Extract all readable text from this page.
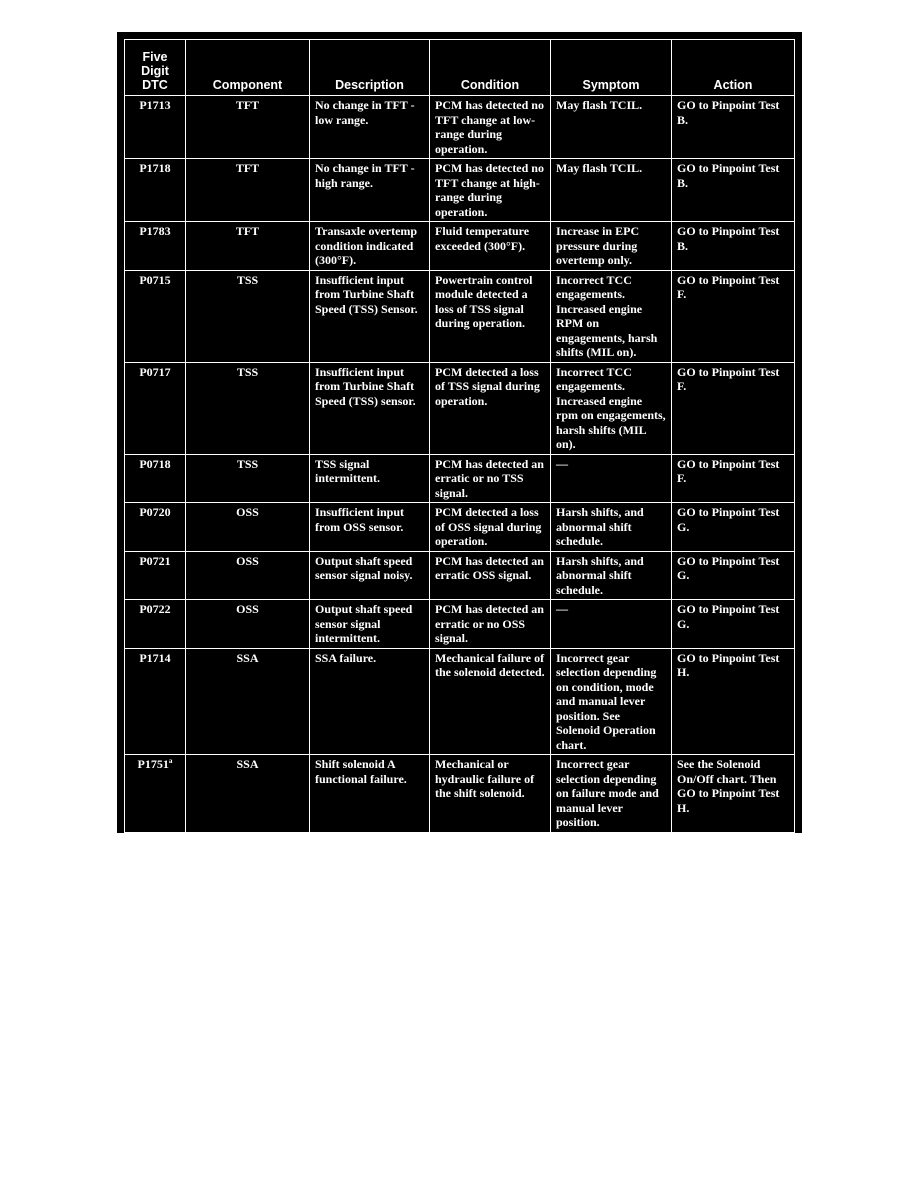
Five
Digit
DTC	Component	Description	Condition	Symptom	Action
P1713	TFT	No change in TFT - low range.	PCM has detected no TFT change at low-range during operation.	May flash TCIL.	GO to Pinpoint Test B.
P1718	TFT	No change in TFT - high range.	PCM has detected no TFT change at high-range during operation.	May flash TCIL.	GO to Pinpoint Test B.
P1783	TFT	Transaxle overtemp condition indicated (300°F).	Fluid temperature exceeded (300°F).	Increase in EPC pressure during overtemp only.	GO to Pinpoint Test B.
P0715	TSS	Insufficient input from Turbine Shaft Speed (TSS) Sensor.	Powertrain control module detected a loss of TSS signal during operation.	Incorrect TCC engagements. Increased engine RPM on engagements, harsh shifts (MIL on).	GO to Pinpoint Test F.
P0717	TSS	Insufficient input from Turbine Shaft Speed (TSS) sensor.	PCM detected a loss of TSS signal during operation.	Incorrect TCC engagements. Increased engine rpm on engagements, harsh shifts (MIL on).	GO to Pinpoint Test F.
P0718	TSS	TSS signal intermittent.	PCM has detected an erratic or no TSS signal.	—	GO to Pinpoint Test F.
P0720	OSS	Insufficient input from OSS sensor.	PCM detected a loss of OSS signal during operation.	Harsh shifts, and abnormal shift schedule.	GO to Pinpoint Test G.
P0721	OSS	Output shaft speed sensor signal noisy.	PCM has detected an erratic OSS signal.	Harsh shifts, and abnormal shift schedule.	GO to Pinpoint Test G.
P0722	OSS	Output shaft speed sensor signal intermittent.	PCM has detected an erratic or no OSS signal.	—	GO to Pinpoint Test G.
P1714	SSA	SSA failure.	Mechanical failure of the solenoid detected.	Incorrect gear selection depending on condition, mode and manual lever position. See Solenoid Operation chart.	GO to Pinpoint Test H.
P1751ª	SSA	Shift solenoid A functional failure.	Mechanical or hydraulic failure of the shift solenoid.	Incorrect gear selection depending on failure mode and manual lever position.	See the Solenoid On/Off chart. Then GO to Pinpoint Test H.
